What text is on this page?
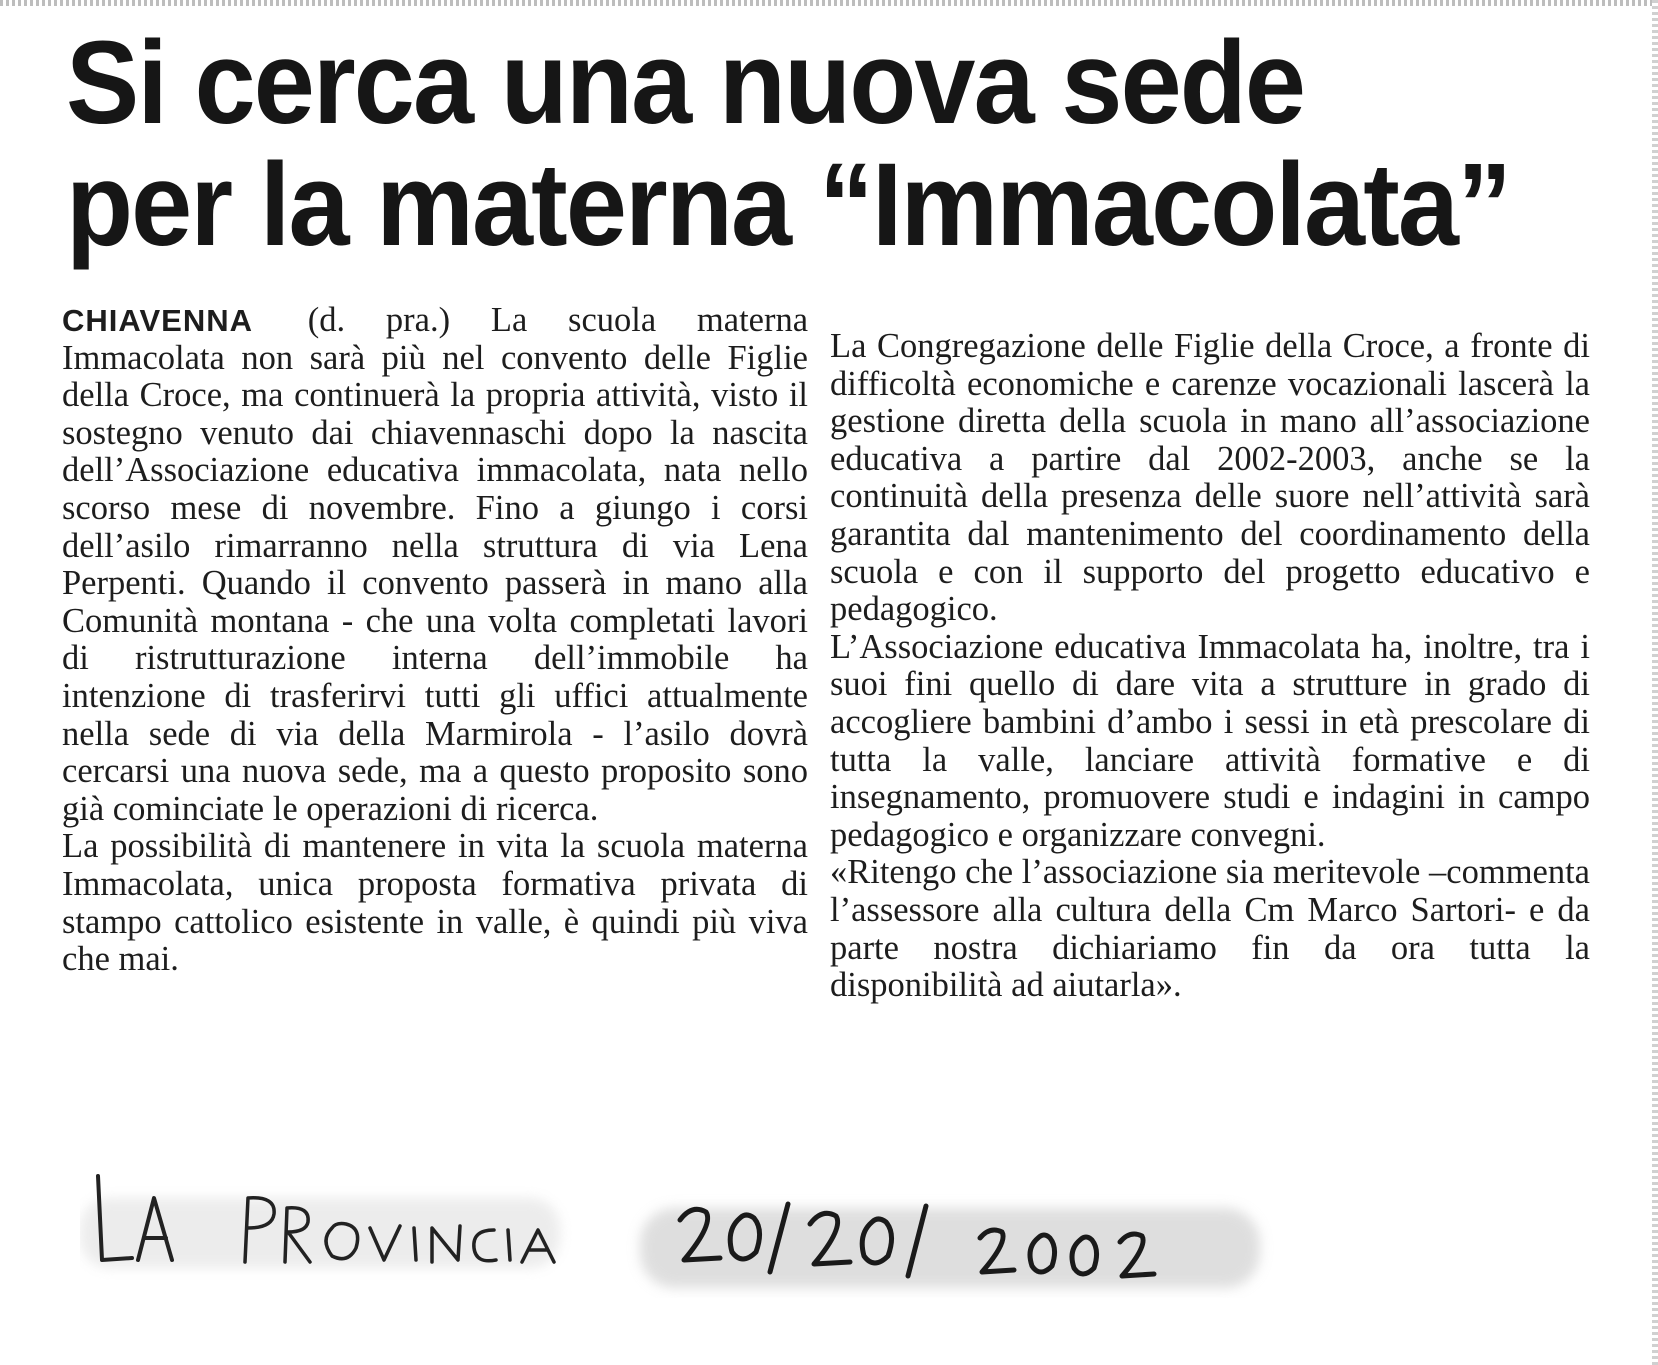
Si cerca una nuova sede
per la materna “Immacolata”

CHIAVENNA (d. pra.) La scuola materna Immacolata non sarà più nel convento delle Figlie della Croce, ma continuerà la propria attività, visto il sostegno venuto dai chiavennaschi dopo la nascita dell’Associazione educativa immacolata, nata nello scorso mese di novembre. Fino a giungo i corsi dell’asilo rimarranno nella struttura di via Lena Perpenti. Quando il convento passerà in mano alla Comunità montana - che una volta completati lavori di ristrutturazione interna dell’immobile ha intenzione di trasferirvi tutti gli uffici attualmente nella sede di via della Marmirola - l’asilo dovrà cercarsi una nuova sede, ma a questo proposito sono già cominciate le operazioni di ricerca.

La possibilità di mantenere in vita la scuola materna Immacolata, unica proposta formativa privata di stampo cattolico esistente in valle, è quindi più viva che mai.

La Congregazione delle Figlie della Croce, a fronte di difficoltà economiche e carenze vocazionali lascerà la gestione diretta della scuola in mano all’associazione educativa a partire dal 2002-2003, anche se la continuità della presenza delle suore nell’attività sarà garantita dal mantenimento del coordinamento della scuola e con il supporto del progetto educativo e pedagogico.

L’Associazione educativa Immacolata ha, inoltre, tra i suoi fini quello di dare vita a strutture in grado di accogliere bambini d’ambo i sessi in età prescolare di tutta la valle, lanciare attività formative e di insegnamento, promuovere studi e indagini in campo pedagogico e organizzare convegni.

«Ritengo che l’associazione sia meritevole –commenta l’assessore alla cultura della Cm Marco Sartori- e da parte nostra dichiariamo fin da ora tutta la disponibilità ad aiutarla».
